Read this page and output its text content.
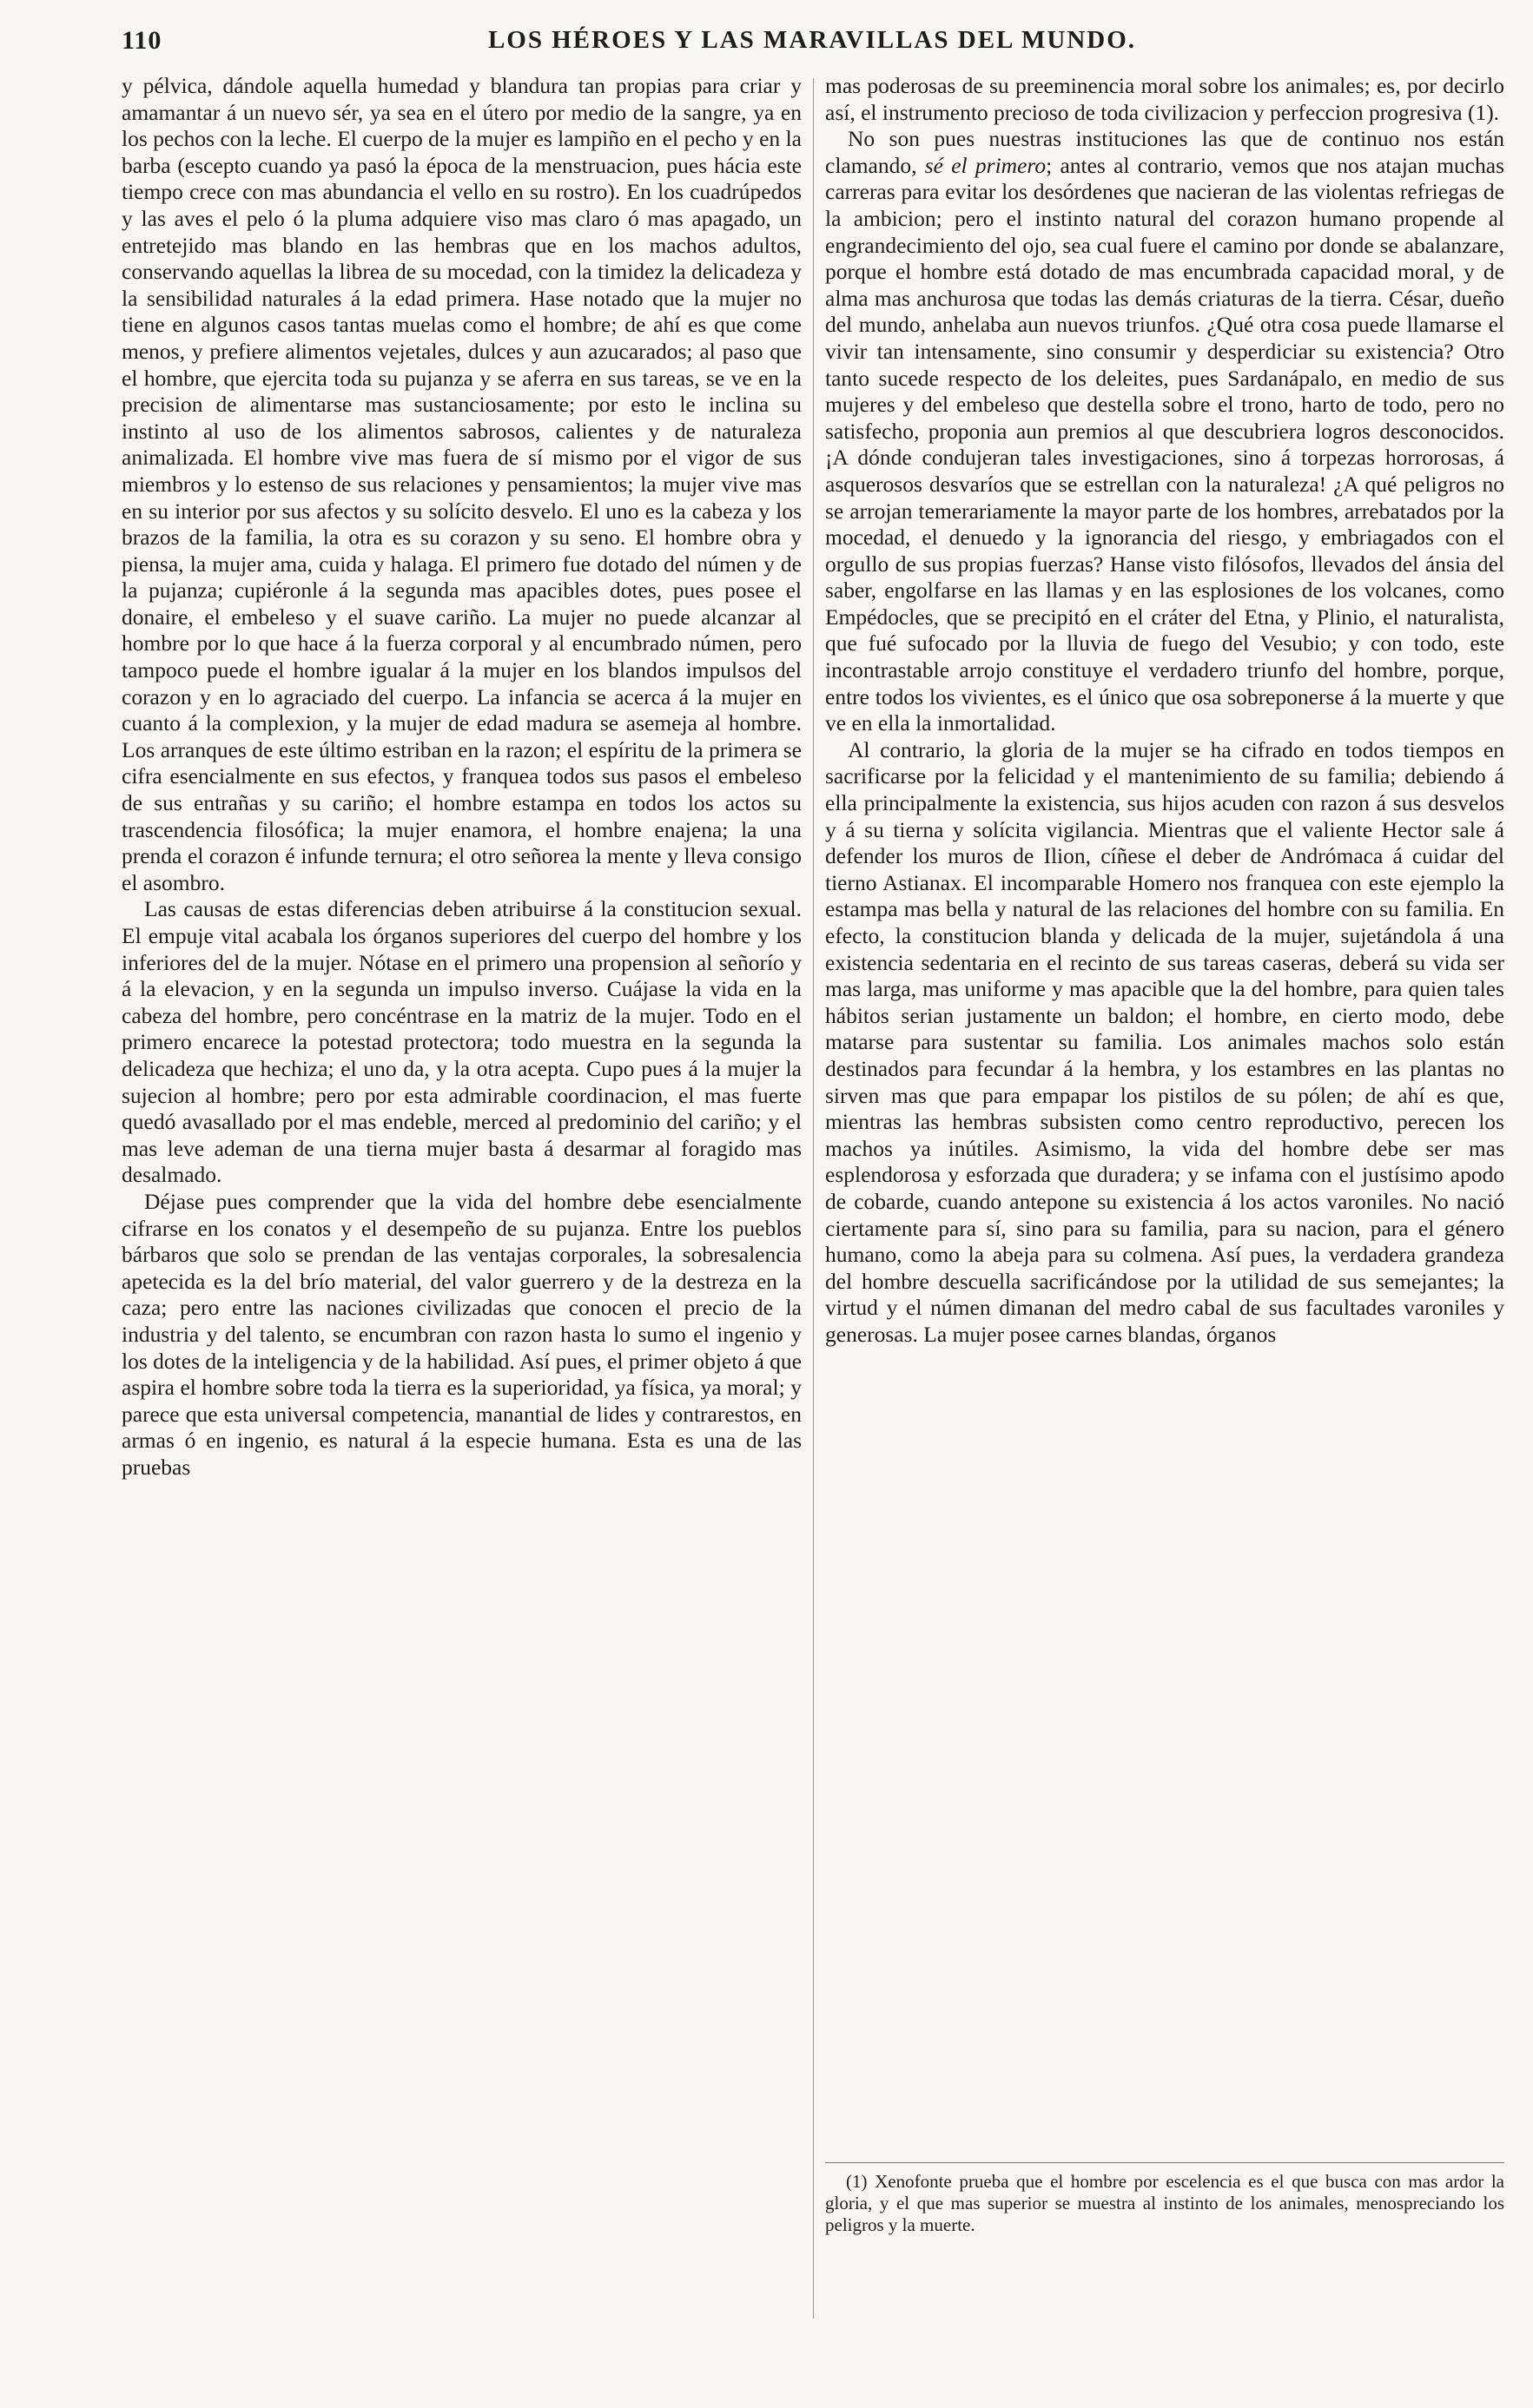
110	LOS HÉROES Y LAS MARAVILLAS DEL MUNDO.

y pélvica, dándole aquella humedad y blandura tan propias para criar y amamantar á un nuevo sér, ya sea en el útero por medio de la sangre, ya en los pechos con la leche. El cuerpo de la mujer es lampiño en el pecho y en la barba (escepto cuando ya pasó la época de la menstruacion, pues hácia este tiempo crece con mas abundancia el vello en su rostro). En los cuadrúpedos y las aves el pelo ó la pluma adquiere viso mas claro ó mas apagado, un entretejido mas blando en las hembras que en los machos adultos, conservando aquellas la librea de su mocedad, con la timidez la delicadeza y la sensibilidad naturales á la edad primera. Hase notado que la mujer no tiene en algunos casos tantas muelas como el hombre; de ahí es que come menos, y prefiere alimentos vejetales, dulces y aun azucarados; al paso que el hombre, que ejercita toda su pujanza y se aferra en sus tareas, se ve en la precision de alimentarse mas sustanciosamente; por esto le inclina su instinto al uso de los alimentos sabrosos, calientes y de naturaleza animalizada. El hombre vive mas fuera de sí mismo por el vigor de sus miembros y lo estenso de sus relaciones y pensamientos; la mujer vive mas en su interior por sus afectos y su solícito desvelo. El uno es la cabeza y los brazos de la familia, la otra es su corazon y su seno. El hombre obra y piensa, la mujer ama, cuida y halaga. El primero fue dotado del númen y de la pujanza; cupiéronle á la segunda mas apacibles dotes, pues posee el donaire, el embeleso y el suave cariño. La mujer no puede alcanzar al hombre por lo que hace á la fuerza corporal y al encumbrado númen, pero tampoco puede el hombre igualar á la mujer en los blandos impulsos del corazon y en lo agraciado del cuerpo. La infancia se acerca á la mujer en cuanto á la complexion, y la mujer de edad madura se asemeja al hombre. Los arranques de este último estriban en la razon; el espíritu de la primera se cifra esencialmente en sus efectos, y franquea todos sus pasos el embeleso de sus entrañas y su cariño; el hombre estampa en todos los actos su trascendencia filosófica; la mujer enamora, el hombre enajena; la una prenda el corazon é infunde ternura; el otro señorea la mente y lleva consigo el asombro.

Las causas de estas diferencias deben atribuirse á la constitucion sexual. El empuje vital acabala los órganos superiores del cuerpo del hombre y los inferiores del de la mujer. Nótase en el primero una propension al señorío y á la elevacion, y en la segunda un impulso inverso. Cuájase la vida en la cabeza del hombre, pero concéntrase en la matriz de la mujer. Todo en el primero encarece la potestad protectora; todo muestra en la segunda la delicadeza que hechiza; el uno da, y la otra acepta. Cupo pues á la mujer la sujecion al hombre; pero por esta admirable coordinacion, el mas fuerte quedó avasallado por el mas endeble, merced al predominio del cariño; y el mas leve ademan de una tierna mujer basta á desarmar al foragido mas desalmado.

Déjase pues comprender que la vida del hombre debe esencialmente cifrarse en los conatos y el desempeño de su pujanza. Entre los pueblos bárbaros que solo se prendan de las ventajas corporales, la sobresalencia apetecida es la del brío material, del valor guerrero y de la destreza en la caza; pero entre las naciones civilizadas que conocen el precio de la industria y del talento, se encumbran con razon hasta lo sumo el ingenio y los dotes de la inteligencia y de la habilidad. Así pues, el primer objeto á que aspira el hombre sobre toda la tierra es la superioridad, ya física, ya moral; y parece que esta universal competencia, manantial de lides y contrarestos, en armas ó en ingenio, es natural á la especie humana. Esta es una de las pruebas

mas poderosas de su preeminencia moral sobre los animales; es, por decirlo así, el instrumento precioso de toda civilizacion y perfeccion progresiva (1).

No son pues nuestras instituciones las que de continuo nos están clamando, sé el primero; antes al contrario, vemos que nos atajan muchas carreras para evitar los desórdenes que nacieran de las violentas refriegas de la ambicion; pero el instinto natural del corazon humano propende al engrandecimiento del ojo, sea cual fuere el camino por donde se abalanzare, porque el hombre está dotado de mas encumbrada capacidad moral, y de alma mas anchurosa que todas las demás criaturas de la tierra. César, dueño del mundo, anhelaba aun nuevos triunfos. ¿Qué otra cosa puede llamarse el vivir tan intensamente, sino consumir y desperdiciar su existencia? Otro tanto sucede respecto de los deleites, pues Sardanápalo, en medio de sus mujeres y del embeleso que destella sobre el trono, harto de todo, pero no satisfecho, proponia aun premios al que descubriera logros desconocidos. ¡A dónde condujeran tales investigaciones, sino á torpezas horrorosas, á asquerosos desvaríos que se estrellan con la naturaleza! ¿A qué peligros no se arrojan temerariamente la mayor parte de los hombres, arrebatados por la mocedad, el denuedo y la ignorancia del riesgo, y embriagados con el orgullo de sus propias fuerzas? Hanse visto filósofos, llevados del ánsia del saber, engolfarse en las llamas y en las esplosiones de los volcanes, como Empédocles, que se precipitó en el cráter del Etna, y Plinio, el naturalista, que fué sufocado por la lluvia de fuego del Vesubio; y con todo, este incontrastable arrojo constituye el verdadero triunfo del hombre, porque, entre todos los vivientes, es el único que osa sobreponerse á la muerte y que ve en ella la inmortalidad.

Al contrario, la gloria de la mujer se ha cifrado en todos tiempos en sacrificarse por la felicidad y el mantenimiento de su familia; debiendo á ella principalmente la existencia, sus hijos acuden con razon á sus desvelos y á su tierna y solícita vigilancia. Mientras que el valiente Hector sale á defender los muros de Ilion, cíñese el deber de Andrómaca á cuidar del tierno Astianax. El incomparable Homero nos franquea con este ejemplo la estampa mas bella y natural de las relaciones del hombre con su familia. En efecto, la constitucion blanda y delicada de la mujer, sujetándola á una existencia sedentaria en el recinto de sus tareas caseras, deberá su vida ser mas larga, mas uniforme y mas apacible que la del hombre, para quien tales hábitos serian justamente un baldon; el hombre, en cierto modo, debe matarse para sustentar su familia. Los animales machos solo están destinados para fecundar á la hembra, y los estambres en las plantas no sirven mas que para empapar los pistilos de su pólen; de ahí es que, mientras las hembras subsisten como centro reproductivo, perecen los machos ya inútiles. Asimismo, la vida del hombre debe ser mas esplendorosa y esforzada que duradera; y se infama con el justísimo apodo de cobarde, cuando antepone su existencia á los actos varoniles. No nació ciertamente para sí, sino para su familia, para su nacion, para el género humano, como la abeja para su colmena. Así pues, la verdadera grandeza del hombre descuella sacrificándose por la utilidad de sus semejantes; la virtud y el númen dimanan del medro cabal de sus facultades varoniles y generosas. La mujer posee carnes blandas, órganos

(1) Xenofonte prueba que el hombre por escelencia es el que busca con mas ardor la gloria, y el que mas superior se muestra al instinto de los animales, menospreciando los peligros y la muerte.
